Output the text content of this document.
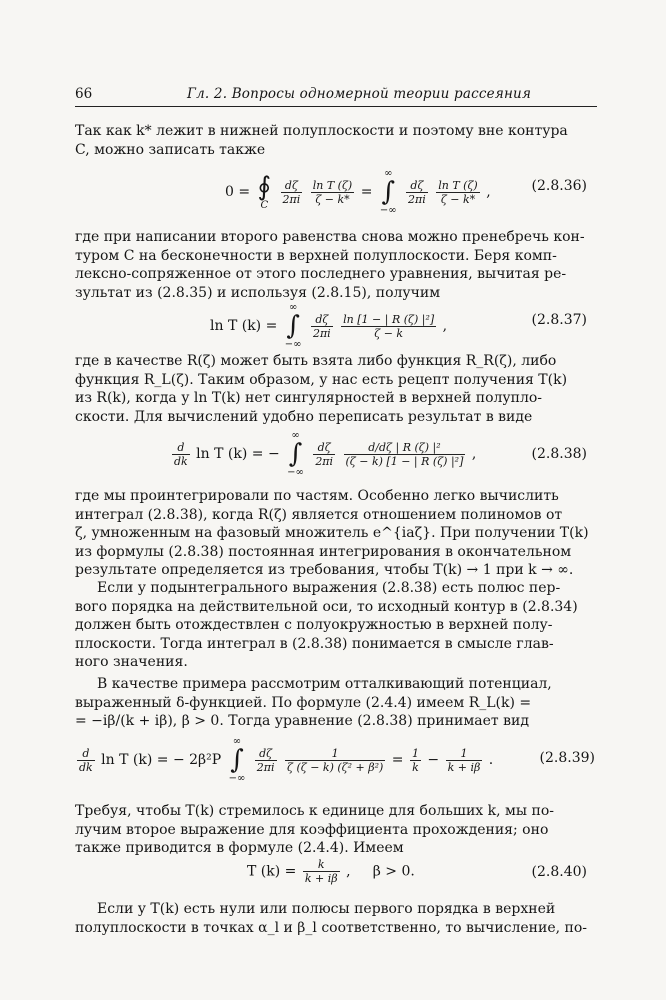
66	Гл. 2. Вопросы одномерной теории рассеяния
Так как k* лежит в нижней полуплоскости и поэтому вне контура
C, можно записать также
0 = ∮
C $\frac{d\zeta}{2\pi i}$
$\frac{\text{ln T (ζ)}}{\zeta - k*}$ = ∞
∫
−∞
$\frac{d\zeta}{2\pi i}$
$\frac{\text{ln T (ζ)}}{\zeta - k*}$ ,	(2.8.36)
где при написании второго равенства снова можно пренебречь кон-
туром C на бесконечности в верхней полуплоскости. Беря комп-
лексно-сопряженное от этого последнего уравнения, вычитая ре-
зультат из (2.8.35) и используя (2.8.15), получим
ln T (k) = ∞
∫
−∞
$\frac{d\zeta}{2\pi i}$
$\frac{\text{ln [1 − | R (ζ) |²]}}{\zeta - k}$ ,	(2.8.37)
где в качестве R(ζ) может быть взята либо функция R_R(ζ), либо
функция R_L(ζ). Таким образом, у нас есть рецепт получения T(k)
из R(k), когда у ln T(k) нет сингулярностей в верхней полупло-
скости. Для вычислений удобно переписать результат в виде
$\frac{d}{dk}$ ln T (k) = − ∞
∫
−∞
$\frac{d\zeta}{2\pi i}$
$\frac{\text{d/dζ | R (ζ) |²}}{\text{(ζ − k) [1 − | R (ζ) |²]}}$ ,	(2.8.38)
где мы проинтегрировали по частям. Особенно легко вычислить
интеграл (2.8.38), когда R(ζ) является отношением полиномов от
ζ, умноженным на фазовый множитель e^{iaζ}. При получении T(k)
из формулы (2.8.38) постоянная интегрирования в окончательном
результате определяется из требования, чтобы T(k) → 1 при k → ∞.
Если у подынтегрального выражения (2.8.38) есть полюс пер-
вого порядка на действительной оси, то исходный контур в (2.8.34)
должен быть отождествлен с полуокружностью в верхней полу-
плоскости. Тогда интеграл в (2.8.38) понимается в смысле глав-
ного значения.
В качестве примера рассмотрим отталкивающий потенциал,
выраженный δ-функцией. По формуле (2.4.4) имеем R_L(k) =
= −iβ/(k + iβ), β > 0. Тогда уравнение (2.8.38) принимает вид
$\frac{d}{dk}$ ln T (k) = − 2β²P ∞
∫
−∞
$\frac{d\zeta}{2\pi i}$
$\frac{1}{\text{ζ (ζ − k) (ζ² + β²)}} = \frac{1}{k} - \frac{1}{k + i\beta}$ .	(2.8.39)
Требуя, чтобы T(k) стремилось к единице для больших k, мы по-
лучим второе выражение для коэффициента прохождения; оно
также приводится в формуле (2.4.4). Имеем
T $(k) = \frac{k}{k + i\beta}$ ,     β > 0.	(2.8.40)
Если у T(k) есть нули или полюсы первого порядка в верхней
полуплоскости в точках α_l и β_l соответственно, то вычисление, по-
